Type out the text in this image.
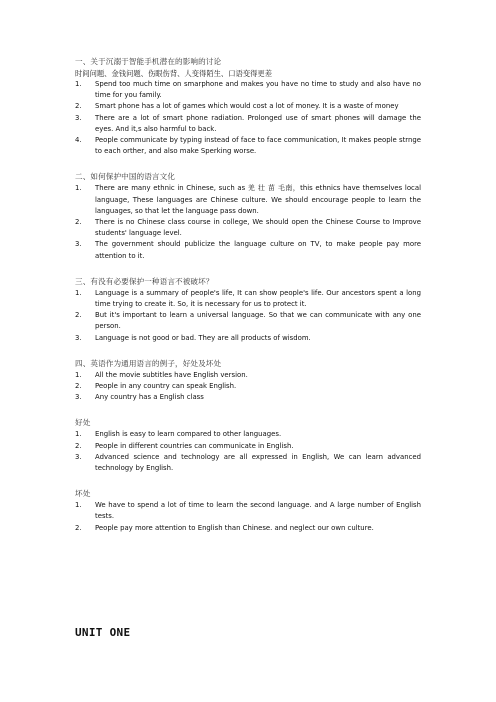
一、关于沉溺于智能手机潜在的影响的讨论
时间问题、金钱问题、伤眼伤背、人变得陌生、口语变得更差
1.	Spend too much time on smarphone and makes you have no time to study and also have no time for you family.
2.	Smart phone has a lot of games which would cost a lot of money. It is a waste of money
3.	There are a lot of smart phone radiation. Prolonged use of smart phones will damage the eyes. And it,s also harmful to back.
4.	People communicate by typing instead of face to face communication, It makes people strnge to each orther, and also make Sperking worse.
二、如何保护中国的语言文化
1.	There are many ethnic in Chinese, such as 羌 壮 苗 毛南，this ethnics have themselves local language, These languages are Chinese culture. We should encourage people to learn the languages, so that let the language pass down.
2.	There is no Chinese class course in college, We should open the Chinese Course to Improve students' language level.
3.	The government should publicize the language culture on TV, to make people pay more attention to it.
三、有没有必要保护一种语言不被破坏？
1.	Language is a summary of people's life, It can show people's life. Our ancestors spent a long time trying to create it. So, it is necessary for us to protect it.
2.	But it's important to learn a universal language. So that we can communicate with any one person.
3.	Language is not good or bad. They are all products of wisdom.
四、英语作为通用语言的例子，好处及坏处
1.	All the movie subtitles have English version.
2.	People in any country can speak English.
3.	Any country has a English class
好处
1.	English is easy to learn compared to other languages.
2.	People in different countries can communicate in English.
3.	Advanced science and technology are all expressed in English, We can learn advanced technology by English.
坏处
1.	We have to spend a lot of time to learn the second language. and A large number of English tests.
2.	People pay more attention to English than Chinese. and neglect our own culture.
UNIT ONE
